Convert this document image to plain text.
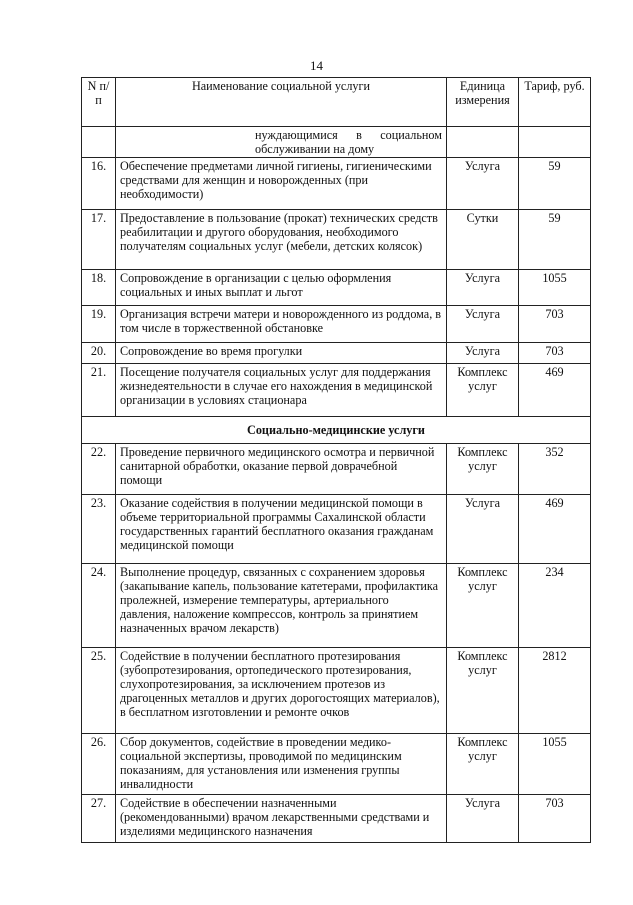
14
N п/п	Наименование социальной услуги	Единица измерения	Тариф, руб.

	нуждающимися в социальном обслуживании на дому		

16.	Обеспечение предметами личной гигиены, гигиеническими средствами для женщин и новорожденных (при необходимости)	Услуга	59
17.	Предоставление в пользование (прокат) технических средств реабилитации и другого оборудования, необходимого получателям социальных услуг (мебели, детских колясок)	Сутки	59
18.	Сопровождение в организации с целью оформления социальных и иных выплат и льгот	Услуга	1055
19.	Организация встречи матери и новорожденного из роддома, в том числе в торжественной обстановке	Услуга	703
20.	Сопровождение во время прогулки	Услуга	703
21.	Посещение получателя социальных услуг для поддержания жизнедеятельности в случае его нахождения в медицинской организации в условиях стационара	Комплекс услуг	469
Социально-медицинские услуги			
22.	Проведение первичного медицинского осмотра и первичной санитарной обработки, оказание первой доврачебной помощи	Комплекс услуг	352
23.	Оказание содействия в получении медицинской помощи в объеме территориальной программы Сахалинской области государственных гарантий бесплатного оказания гражданам медицинской помощи	Услуга	469
24.	Выполнение процедур, связанных с сохранением здоровья (закапывание капель, пользование катетерами, профилактика пролежней, измерение температуры, артериального давления, наложение компрессов, контроль за принятием назначенных врачом лекарств)	Комплекс услуг	234
25.	Содействие в получении бесплатного протезирования (зубопротезирования, ортопедического протезирования, слухопротезирования, за исключением протезов из драгоценных металлов и других дорогостоящих материалов), в бесплатном изготовлении и ремонте очков	Комплекс услуг	2812
26.	Сбор документов, содействие в проведении медико-социальной экспертизы, проводимой по медицинским показаниям, для установления или изменения группы инвалидности	Комплекс услуг	1055
27.	Содействие в обеспечении назначенными (рекомендованными) врачом лекарственными средствами и изделиями медицинского назначения	Услуга	703
